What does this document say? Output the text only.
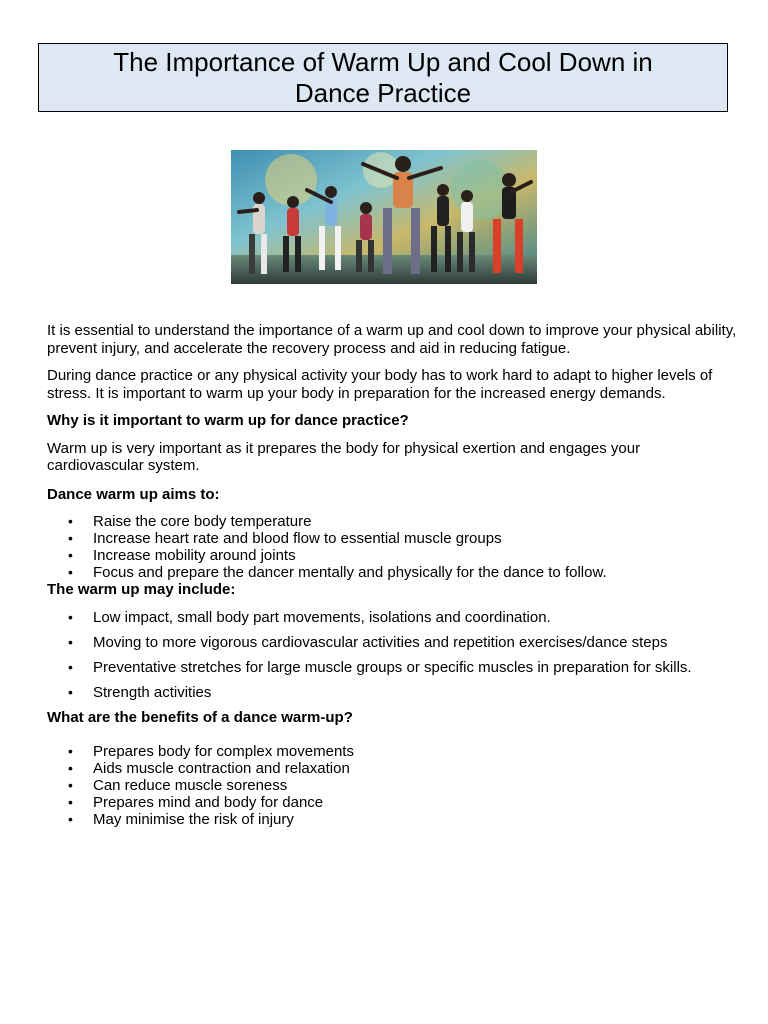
The Importance of Warm Up and Cool Down in
Dance Practice

It is essential to understand the importance of a warm up and cool down to improve your physical ability, prevent injury, and accelerate the recovery process and aid in reducing fatigue.

During dance practice or any physical activity your body has to work hard to adapt to higher levels of stress. It is important to warm up your body in preparation for the increased energy demands.

Why is it important to warm up for dance practice?

Warm up is very important as it prepares the body for physical exertion and engages your cardiovascular system.

Dance warm up aims to:

• Raise the core body temperature
• Increase heart rate and blood flow to essential muscle groups
• Increase mobility around joints
• Focus and prepare the dancer mentally and physically for the dance to follow.

The warm up may include:

• Low impact, small body part movements, isolations and coordination.
• Moving to more vigorous cardiovascular activities and repetition exercises/dance steps
• Preventative stretches for large muscle groups or specific muscles in preparation for skills.
• Strength activities

What are the benefits of a dance warm-up?

• Prepares body for complex movements
• Aids muscle contraction and relaxation
• Can reduce muscle soreness
• Prepares mind and body for dance
• May minimise the risk of injury
